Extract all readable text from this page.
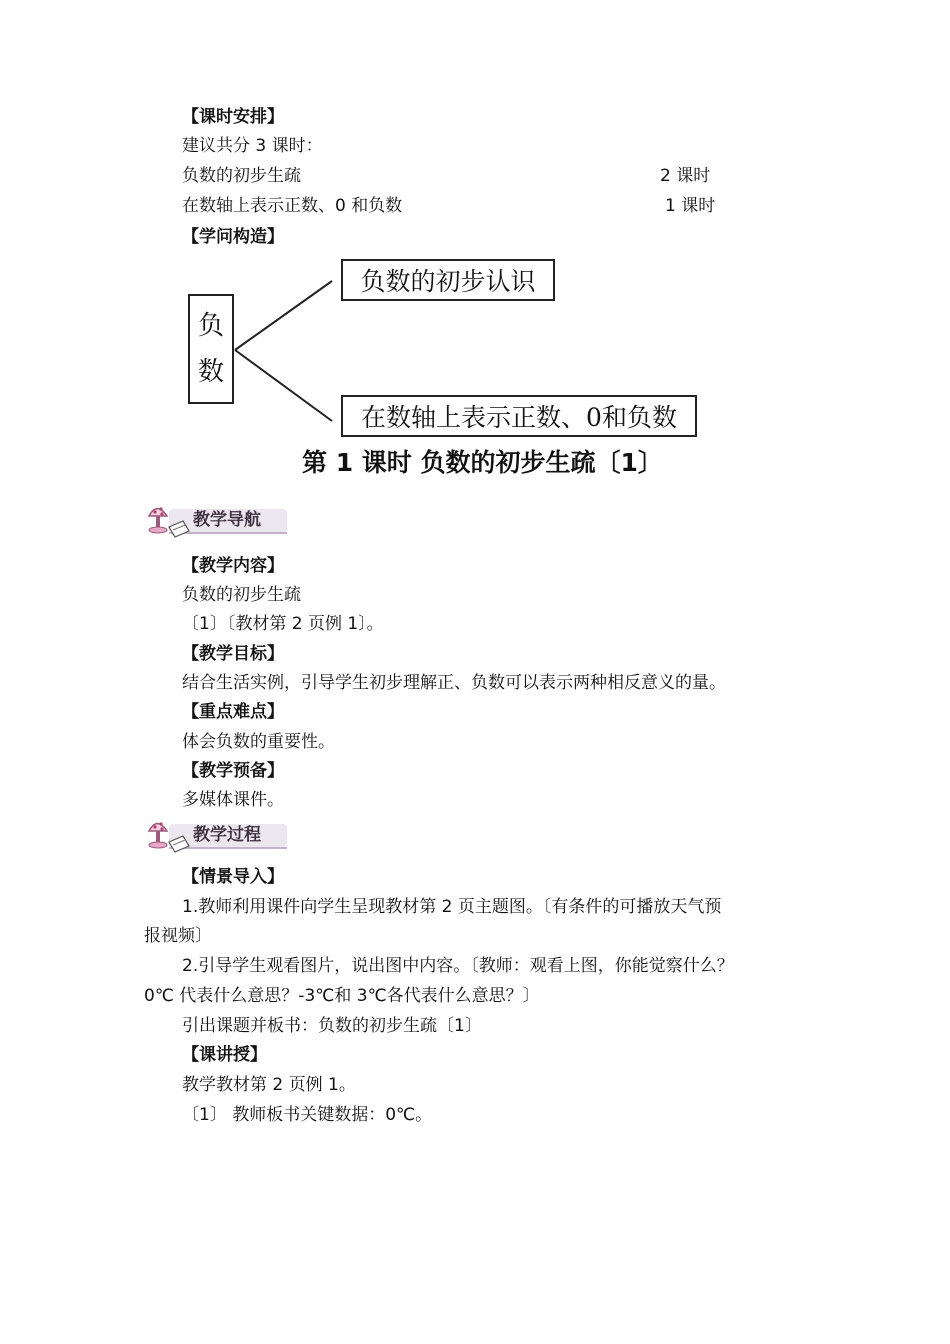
【课时安排】
建议共分 3 课时：
负数的初步生疏	2 课时
在数轴上表示正数、0 和负数	1 课时
【学问构造】
负
数
负数的初步认识
在数轴上表示正数、0和负数
第 1 课时 负数的初步生疏〔1〕
教学导航
【教学内容】
负数的初步生疏
〔1〕〔教材第 2 页例 1〕。
【教学目标】
结合生活实例，引导学生初步理解正、负数可以表示两种相反意义的量。
【重点难点】
体会负数的重要性。
【教学预备】
多媒体课件。
教学过程
【情景导入】
1.教师利用课件向学生呈现教材第 2 页主题图。〔有条件的可播放天气预
报视频〕
2.引导学生观看图片，说出图中内容。〔教师：观看上图，你能觉察什么？
0℃ 代表什么意思？-3℃和 3℃各代表什么意思？〕
引出课题并板书：负数的初步生疏〔1〕
【课讲授】
教学教材第 2 页例 1。
〔1〕 教师板书关键数据：0℃。
